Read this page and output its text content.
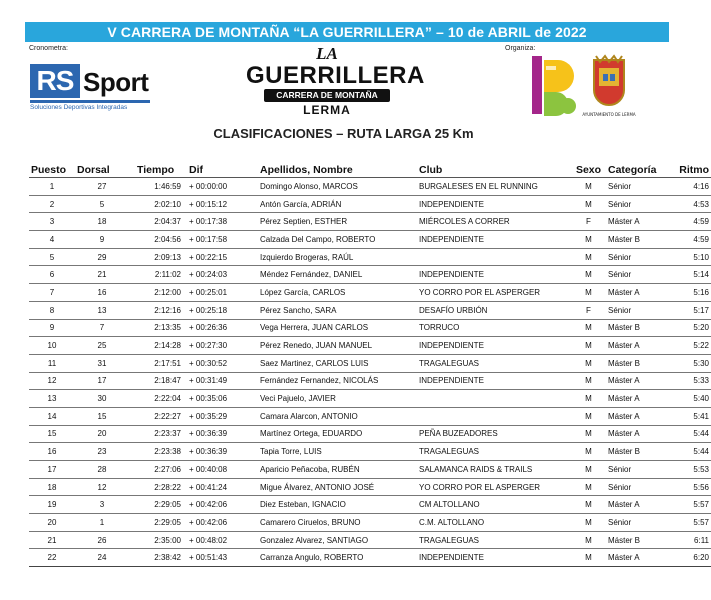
V CARRERA DE MONTAÑA “LA GUERRILLERA” – 10 de ABRIL de 2022
Cronometra:	Organiza:
RS Sport
Soluciones Deportivas Integradas
LA
GUERRILLERA
CARRERA DE MONTAÑA
LERMA	AYUNTAMIENTO DE LERMA
CLASIFICACIONES – RUTA LARGA 25 Km
Puesto	Dorsal	Tiempo	Dif	Apellidos, Nombre	Club	Sexo	Categoría	Ritmo
1	27	1:46:59	+ 00:00:00	Domingo Alonso, MARCOS	BURGALESES EN EL RUNNING	M	Sénior	4:16
2	5	2:02:10	+ 00:15:12	Antón García, ADRIÁN	INDEPENDIENTE	M	Sénior	4:53
3	18	2:04:37	+ 00:17:38	Pérez Septien, ESTHER	MIÉRCOLES A CORRER	F	Máster A	4:59
4	9	2:04:56	+ 00:17:58	Calzada Del Campo, ROBERTO	INDEPENDIENTE	M	Máster B	4:59
5	29	2:09:13	+ 00:22:15	Izquierdo Brogeras, RAÚL		M	Sénior	5:10
6	21	2:11:02	+ 00:24:03	Méndez Fernández, DANIEL	INDEPENDIENTE	M	Sénior	5:14
7	16	2:12:00	+ 00:25:01	López García, CARLOS	YO CORRO POR EL ASPERGER	M	Máster A	5:16
8	13	2:12:16	+ 00:25:18	Pérez Sancho, SARA	DESAFÍO URBIÓN	F	Sénior	5:17
9	7	2:13:35	+ 00:26:36	Vega Herrera, JUAN CARLOS	TORRUCO	M	Máster B	5:20
10	25	2:14:28	+ 00:27:30	Pérez Renedo, JUAN MANUEL	INDEPENDIENTE	M	Máster A	5:22
11	31	2:17:51	+ 00:30:52	Saez Martinez, CARLOS LUIS	TRAGALEGUAS	M	Máster B	5:30
12	17	2:18:47	+ 00:31:49	Fernández Fernandez, NICOLÁS	INDEPENDIENTE	M	Máster A	5:33
13	30	2:22:04	+ 00:35:06	Veci Pajuelo, JAVIER		M	Máster A	5:40
14	15	2:22:27	+ 00:35:29	Camara Alarcon, ANTONIO		M	Máster A	5:41
15	20	2:23:37	+ 00:36:39	Martínez Ortega, EDUARDO	PEÑA BUZEADORES	M	Máster A	5:44
16	23	2:23:38	+ 00:36:39	Tapia Torre, LUIS	TRAGALEGUAS	M	Máster B	5:44
17	28	2:27:06	+ 00:40:08	Aparicio Peñacoba, RUBÉN	SALAMANCA RAIDS & TRAILS	M	Sénior	5:53
18	12	2:28:22	+ 00:41:24	Migue Álvarez, ANTONIO JOSÉ	YO CORRO POR EL ASPERGER	M	Sénior	5:56
19	3	2:29:05	+ 00:42:06	Diez Esteban, IGNACIO	CM ALTOLLANO	M	Máster A	5:57
20	1	2:29:05	+ 00:42:06	Camarero Ciruelos, BRUNO	C.M. ALTOLLANO	M	Sénior	5:57
21	26	2:35:00	+ 00:48:02	Gonzalez Alvarez, SANTIAGO	TRAGALEGUAS	M	Máster B	6:11
22	24	2:38:42	+ 00:51:43	Carranza Angulo, ROBERTO	INDEPENDIENTE	M	Máster A	6:20
